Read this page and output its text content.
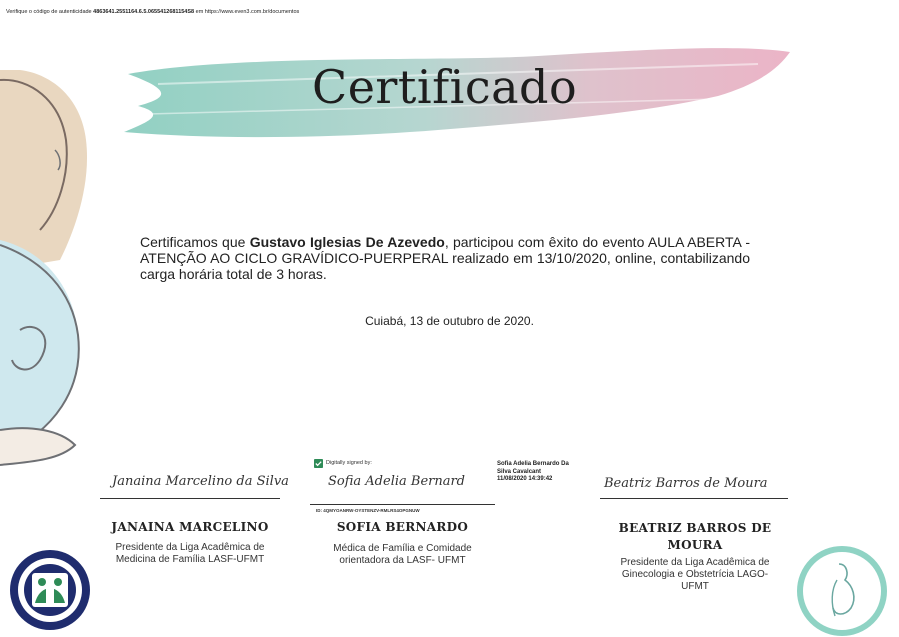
Verifique o código de autenticidade 4863641.2551164.6.5.0655412681154S8 em https://www.even3.com.br/documentos
Certificado
Certificamos que Gustavo Iglesias De Azevedo, participou com êxito do evento AULA ABERTA - ATENÇÃO AO CICLO GRAVÍDICO-PUERPERAL realizado em 13/10/2020, online, contabilizando carga horária total de 3 horas.
Cuiabá, 13 de outubro de 2020.
Janaina Marcelino da Silva
JANAINA MARCELINO
Presidente da Liga Acadêmica de Medicina de Família LASF-UFMT
Digitally signed by:
Sofia Adelia Bernard
ID: 4QMYOANRW-OYSTENZV-RMLRS4OPGNUW
Sofia Adelia Bernardo Da Silva Cavalcant
11/08/2020 14:39:42
SOFIA BERNARDO
Médica de Família e Comidade orientadora da LASF- UFMT
Beatriz Barros de Moura
BEATRIZ BARROS DE MOURA
Presidente da Liga Acadêmica de Ginecologia e Obstetrícia LAGO-UFMT
